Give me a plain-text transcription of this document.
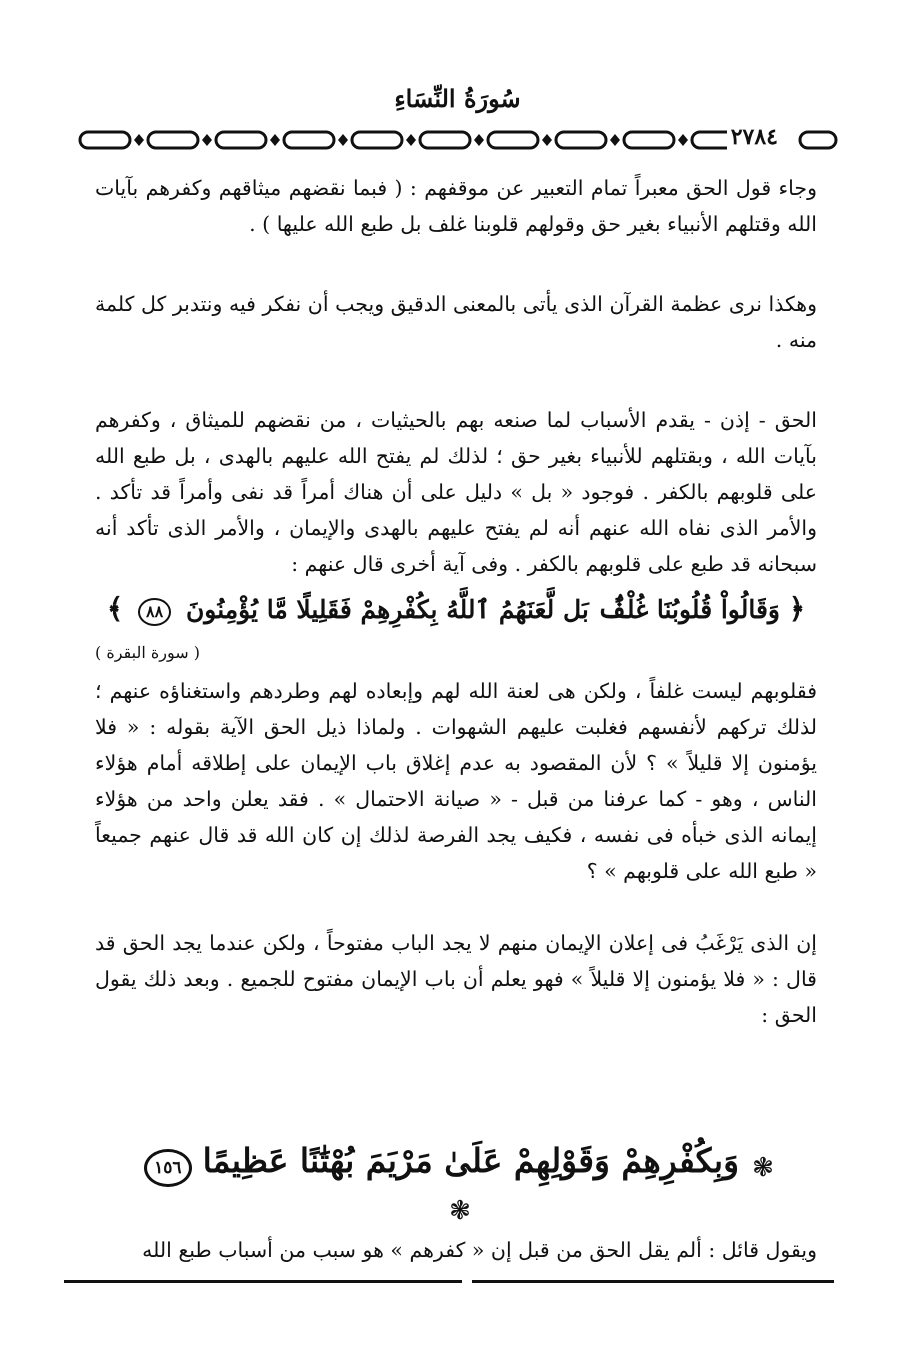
سُورَةُ النِّسَاءِ
٢٧٨٤

وجاء قول الحق معبراً تمام التعبير عن موقفهم : ( فبما نقضهم ميثاقهم وكفرهم بآيات الله وقتلهم الأنبياء بغير حق وقولهم قلوبنا غلف بل طبع الله عليها ) .

وهكذا نرى عظمة القرآن الذى يأتى بالمعنى الدقيق ويجب أن نفكر فيه ونتدبر كل كلمة منه .

الحق - إذن - يقدم الأسباب لما صنعه بهم بالحيثيات ، من نقضهم للميثاق ، وكفرهم بآيات الله ، وبقتلهم للأنبياء بغير حق ؛ لذلك لم يفتح الله عليهم بالهدى ، بل طبع الله على قلوبهم بالكفر . فوجود « بل » دليل على أن هناك أمراً قد نفى وأمراً قد تأكد . والأمر الذى نفاه الله عنهم أنه لم يفتح عليهم بالهدى والإيمان ، والأمر الذى تأكد أنه سبحانه قد طبع على قلوبهم بالكفر . وفى آية أخرى قال عنهم :

﴿ وَقَالُواْ قُلُوبُنَا غُلْفٌۢ بَل لَّعَنَهُمُ ٱللَّهُ بِكُفْرِهِمْ فَقَلِيلًا مَّا يُؤْمِنُونَ ٨٨ ﴾

( سورة البقرة )

فقلوبهم ليست غلفاً ، ولكن هى لعنة الله لهم وإبعاده لهم وطردهم واستغناؤه عنهم ؛ لذلك تركهم لأنفسهم فغلبت عليهم الشهوات . ولماذا ذيل الحق الآية بقوله : « فلا يؤمنون إلا قليلاً » ؟ لأن المقصود به عدم إغلاق باب الإيمان على إطلاقه أمام هؤلاء الناس ، وهو - كما عرفنا من قبل - « صيانة الاحتمال » . فقد يعلن واحد من هؤلاء إيمانه الذى خبأه فى نفسه ، فكيف يجد الفرصة لذلك إن كان الله قد قال عنهم جميعاً « طبع الله على قلوبهم » ؟

إن الذى يَرْغَبُ فى إعلان الإيمان منهم لا يجد الباب مفتوحاً ، ولكن عندما يجد الحق قد قال : « فلا يؤمنون إلا قليلاً » فهو يعلم أن باب الإيمان مفتوح للجميع . وبعد ذلك يقول الحق :

❃ وَبِكُفْرِهِمْ وَقَوْلِهِمْ عَلَىٰ مَرْيَمَ بُهْتَٰنًا عَظِيمًا ١٥٦ ❃
ويقول قائل : ألم يقل الحق من قبل إن « كفرهم » هو سبب من أسباب طبع الله
